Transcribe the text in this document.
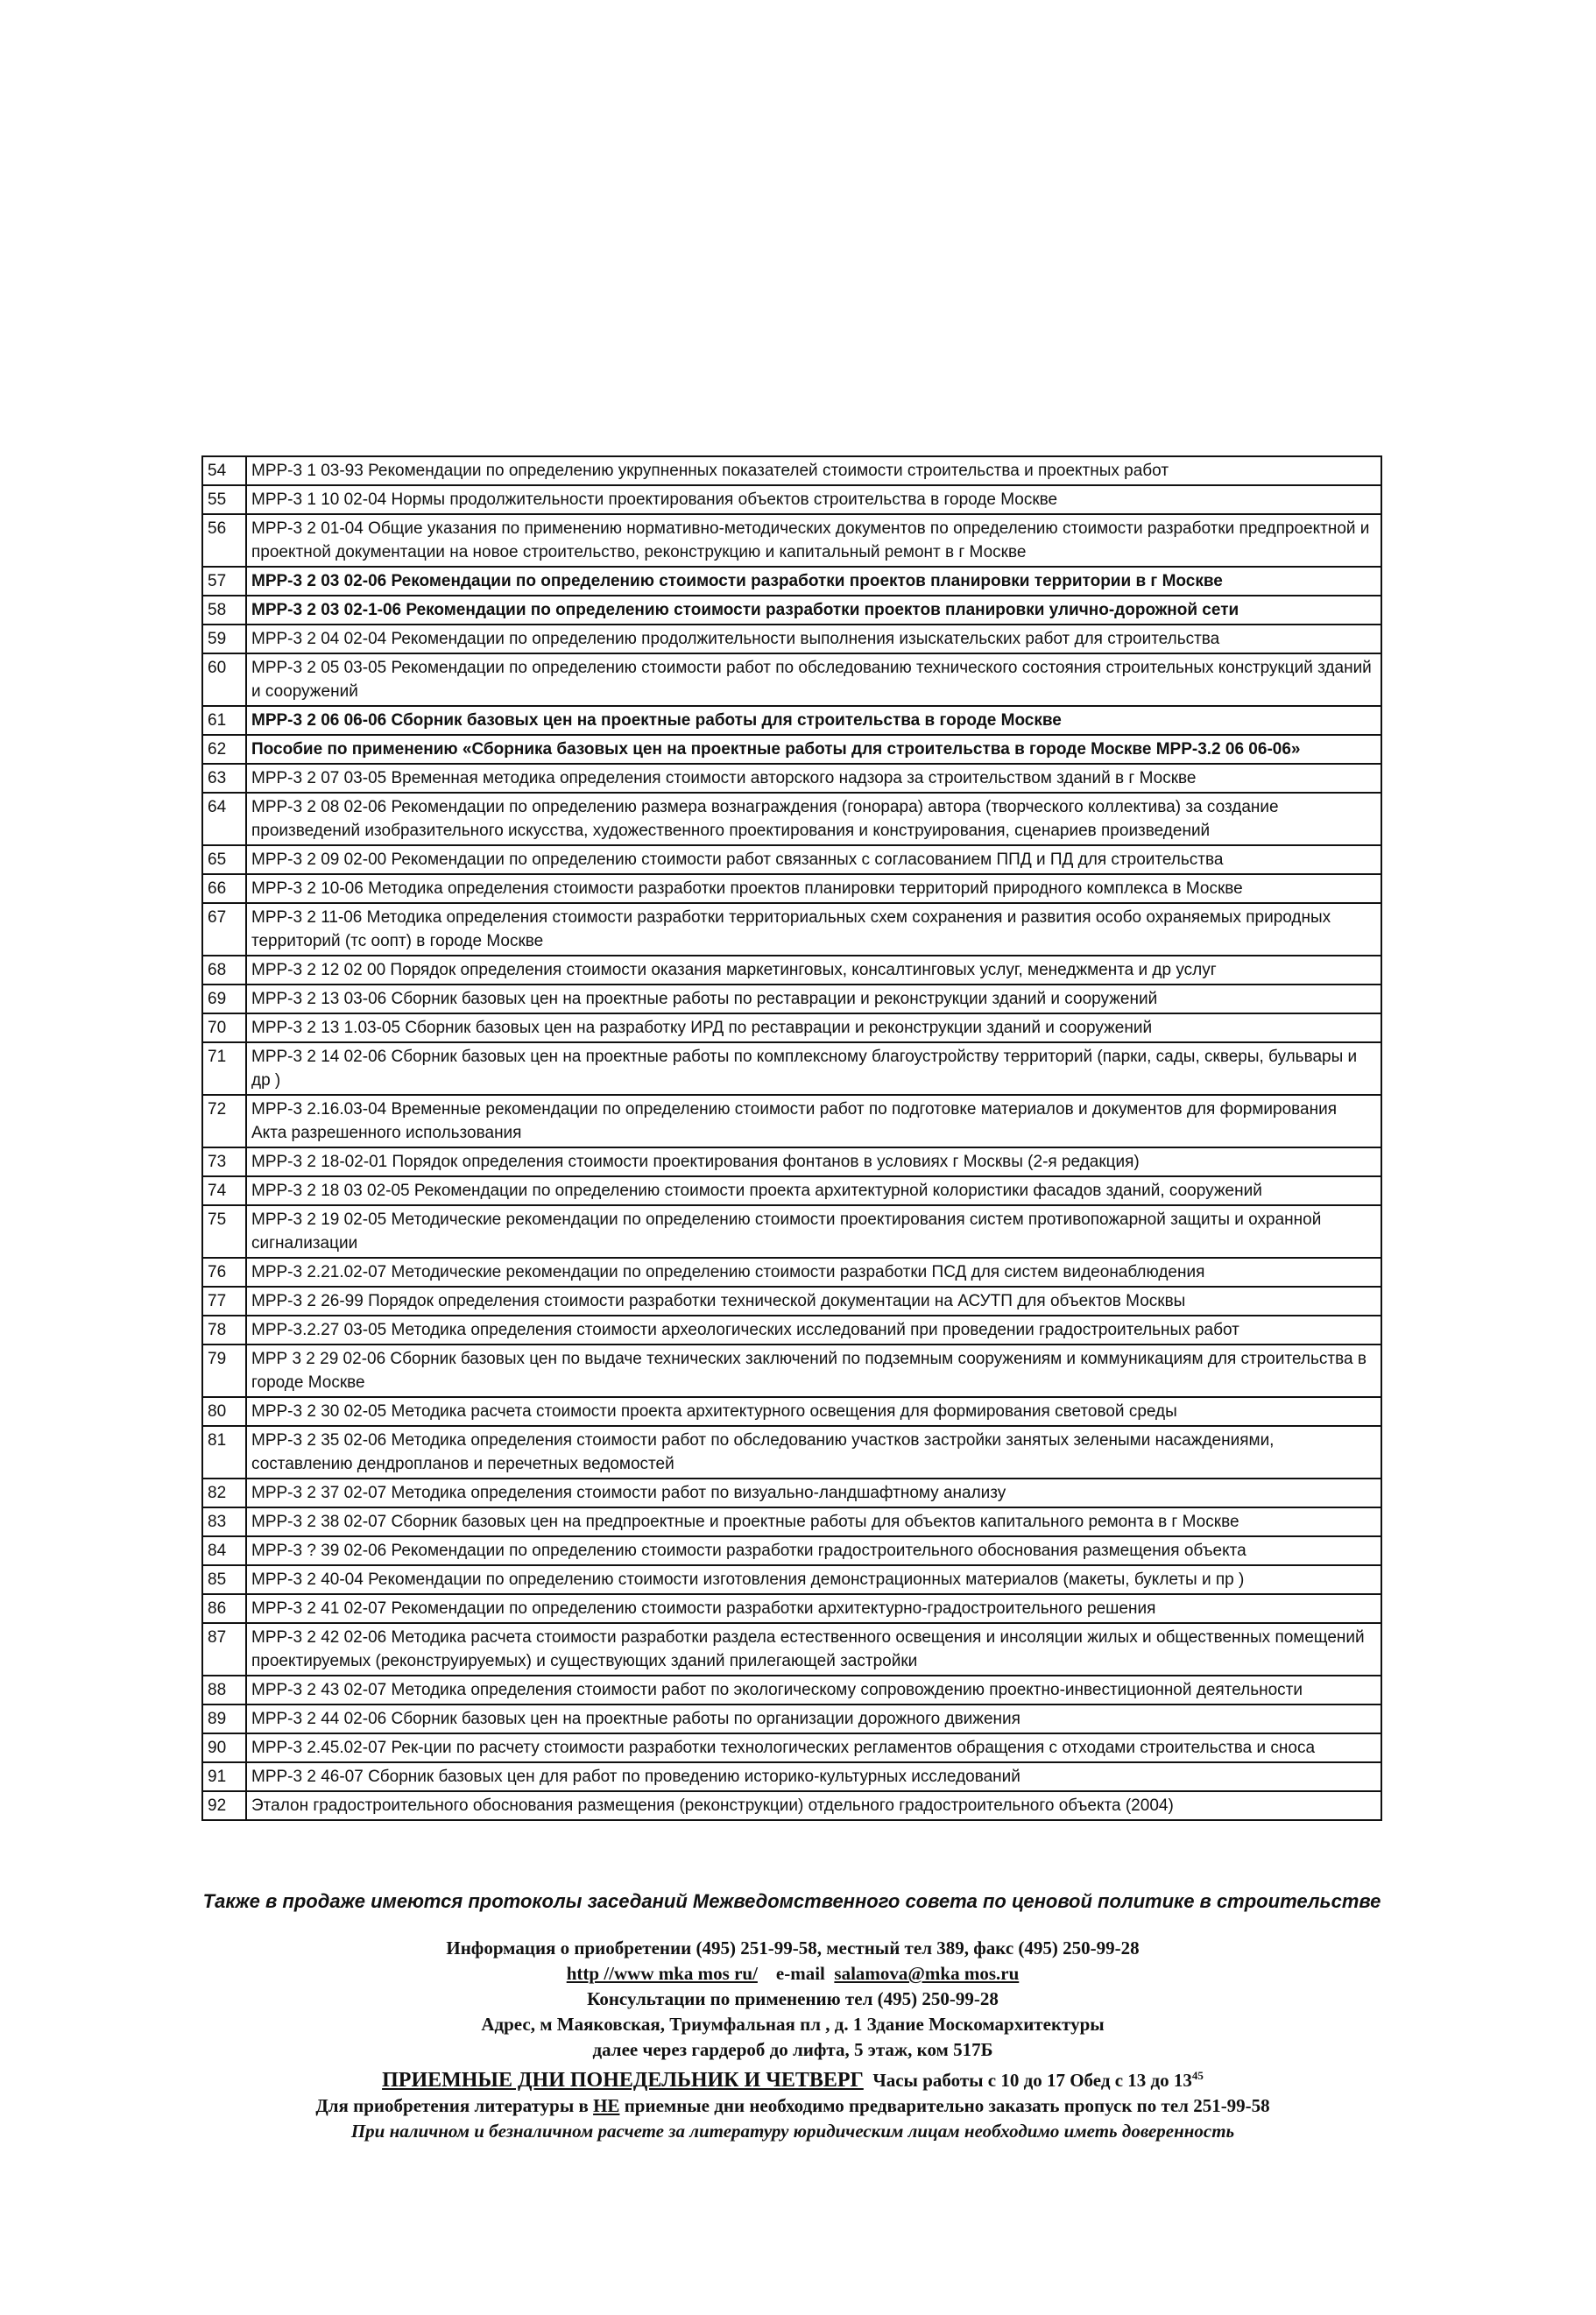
54	МРР-3 1 03-93 Рекомендации по определению укрупненных показателей стоимости строительства и проектных работ
55	МРР-3 1 10 02-04 Нормы продолжительности проектирования объектов строительства в городе Москве
56	МРР-3 2 01-04 Общие указания по применению нормативно-методических документов по определению стоимости разработки предпроектной и проектной документации на новое строительство, реконструкцию и капитальный ремонт в г Москве
57	МРР-3 2 03 02-06 Рекомендации по определению стоимости разработки проектов планировки территории в г Москве
58	МРР-3 2 03 02-1-06 Рекомендации по определению стоимости разработки проектов планировки улично-дорожной сети
59	МРР-3 2 04 02-04 Рекомендации по определению продолжительности выполнения изыскательских работ для строительства
60	МРР-3 2 05 03-05 Рекомендации по определению стоимости работ по обследованию технического состояния строительных конструкций зданий и сооружений
61	МРР-3 2 06 06-06 Сборник базовых цен на проектные работы для строительства в городе Москве
62	Пособие по применению «Сборника базовых цен на проектные работы для строительства в городе Москве МРР-3.2 06 06-06»
63	МРР-3 2 07 03-05 Временная методика определения стоимости авторского надзора за строительством зданий в г Москве
64	МРР-3 2 08 02-06 Рекомендации по определению размера вознаграждения (гонорара) автора (творческого коллектива) за создание произведений изобразительного искусства, художественного проектирования и конструирования, сценариев произведений
65	МРР-3 2 09 02-00 Рекомендации по определению стоимости работ связанных с согласованием ППД и ПД для строительства
66	МРР-3 2 10-06 Методика определения стоимости разработки проектов планировки территорий природного комплекса в Москве
67	МРР-3 2 11-06 Методика определения стоимости разработки территориальных схем сохранения и развития особо охраняемых природных территорий (тс оопт) в городе Москве
68	МРР-3 2 12 02 00 Порядок определения стоимости оказания маркетинговых, консалтинговых услуг, менеджмента и др услуг
69	МРР-3 2 13 03-06 Сборник базовых цен на проектные работы по реставрации и реконструкции зданий и сооружений
70	МРР-3 2 13 1.03-05 Сборник базовых цен на разработку ИРД по реставрации и реконструкции зданий и сооружений
71	МРР-3 2 14 02-06 Сборник базовых цен на проектные работы по комплексному благоустройству территорий (парки, сады, скверы, бульвары и др )
72	МРР-3 2.16.03-04 Временные рекомендации по определению стоимости работ по подготовке материалов и документов для формирования Акта разрешенного использования
73	МРР-3 2 18-02-01 Порядок определения стоимости проектирования фонтанов в условиях г Москвы (2-я редакция)
74	МРР-3 2 18 03 02-05 Рекомендации по определению стоимости проекта архитектурной колористики фасадов зданий, сооружений
75	МРР-3 2 19 02-05 Методические рекомендации по определению стоимости проектирования систем противопожарной защиты и охранной сигнализации
76	МРР-3 2.21.02-07 Методические рекомендации по определению стоимости разработки ПСД для систем видеонаблюдения
77	МРР-3 2 26-99 Порядок определения стоимости разработки технической документации на АСУТП для объектов Москвы
78	МРР-3.2.27 03-05 Методика определения стоимости археологических исследований при проведении градостроительных работ
79	МРР 3 2 29 02-06 Сборник базовых цен по выдаче технических заключений по подземным сооружениям и коммуникациям для строительства в городе Москве
80	МРР-3 2 30 02-05 Методика расчета стоимости проекта архитектурного освещения для формирования световой среды
81	МРР-3 2 35 02-06 Методика определения стоимости работ по обследованию участков застройки занятых зелеными насаждениями, составлению дендропланов и перечетных ведомостей
82	МРР-3 2 37 02-07 Методика определения стоимости работ по визуально-ландшафтному анализу
83	МРР-3 2 38 02-07 Сборник базовых цен на предпроектные и проектные работы для объектов капитального ремонта в г Москве
84	МРР-3 ? 39 02-06 Рекомендации по определению стоимости разработки градостроительного обоснования размещения объекта
85	МРР-3 2 40-04 Рекомендации по определению стоимости изготовления демонстрационных материалов (макеты, буклеты и пр )
86	МРР-3 2 41 02-07 Рекомендации по определению стоимости разработки архитектурно-градостроительного решения
87	МРР-3 2 42 02-06 Методика расчета стоимости разработки раздела естественного освещения и инсоляции жилых и общественных помещений проектируемых (реконструируемых) и существующих зданий прилегающей застройки
88	МРР-3 2 43 02-07 Методика определения стоимости работ по экологическому сопровождению проектно-инвестиционной деятельности
89	МРР-3 2 44 02-06 Сборник базовых цен на проектные работы по организации дорожного движения
90	МРР-3 2.45.02-07 Рек-ции по расчету стоимости разработки технологических регламентов обращения с отходами строительства и сноса
91	МРР-3 2 46-07 Сборник базовых цен для работ по проведению историко-культурных исследований
92	Эталон градостроительного обоснования размещения (реконструкции) отдельного градостроительного объекта (2004)
Также в продаже имеются протоколы заседаний Межведомственного совета по ценовой политике в строительстве
Информация о приобретении (495) 251-99-58, местный тел 389, факс (495) 250-99-28
http //www mka mos ru/ e-mail salamova@mka mos.ru
Консультации по применению тел (495) 250-99-28
Адрес, м Маяковская, Триумфальная пл , д. 1 Здание Москомархитектуры
далее через гардероб до лифта, 5 этаж, ком 517Б
ПРИЕМНЫЕ ДНИ ПОНЕДЕЛЬНИК И ЧЕТВЕРГ Часы работы с 10 до 17 Обед с 13 до $13^{45}$
Для приобретения литературы в НЕ приемные дни необходимо предварительно заказать пропуск по тел 251-99-58
При наличном и безналичном расчете за литературу юридическим лицам необходимо иметь доверенность
